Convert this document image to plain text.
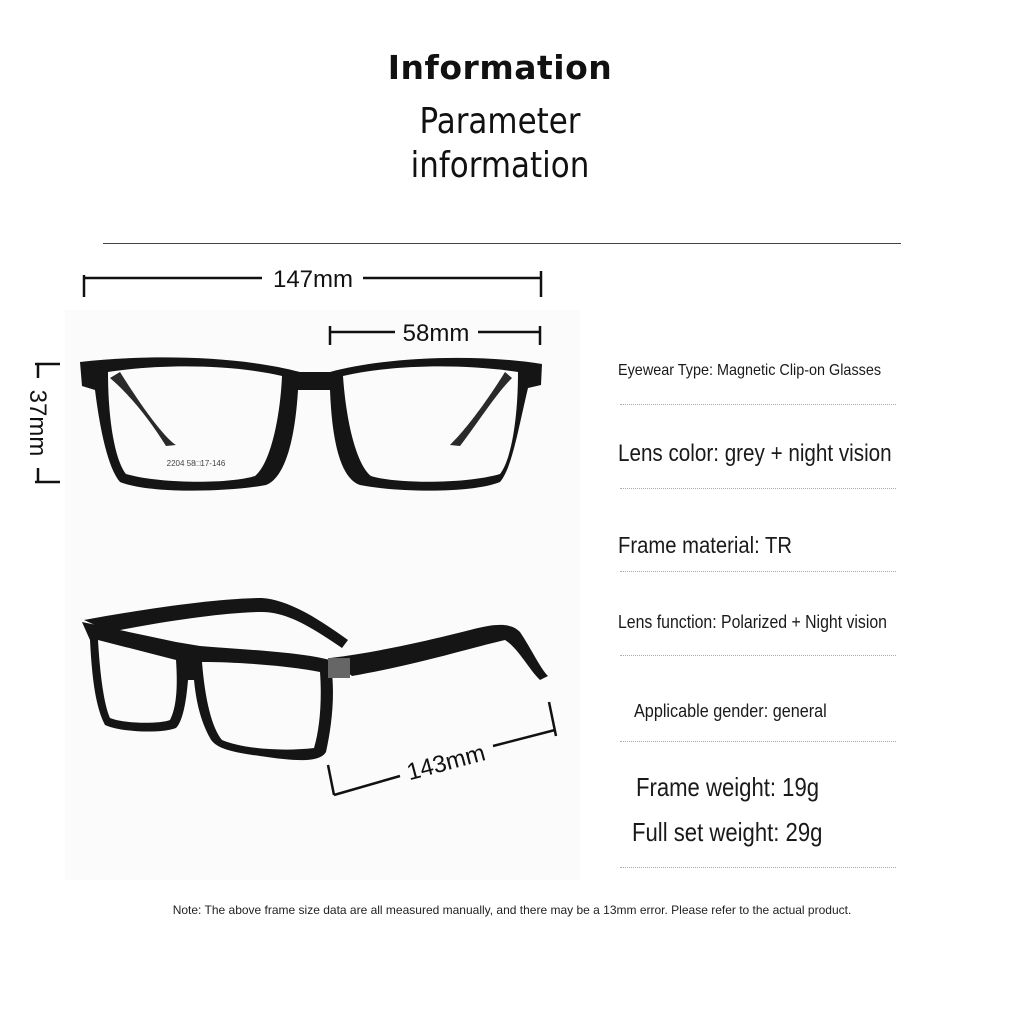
Information
Parameter
information
147mm
58mm
37mm
2204 58□17-146
143mm
Eyewear Type: Magnetic Clip-on Glasses
Lens color: grey + night vision
Frame material: TR
Lens function: Polarized + Night vision
Applicable gender: general
Frame weight: 19g
Full set weight: 29g
Note: The above frame size data are all measured manually, and there may be a 13mm error. Please refer to the actual product.
